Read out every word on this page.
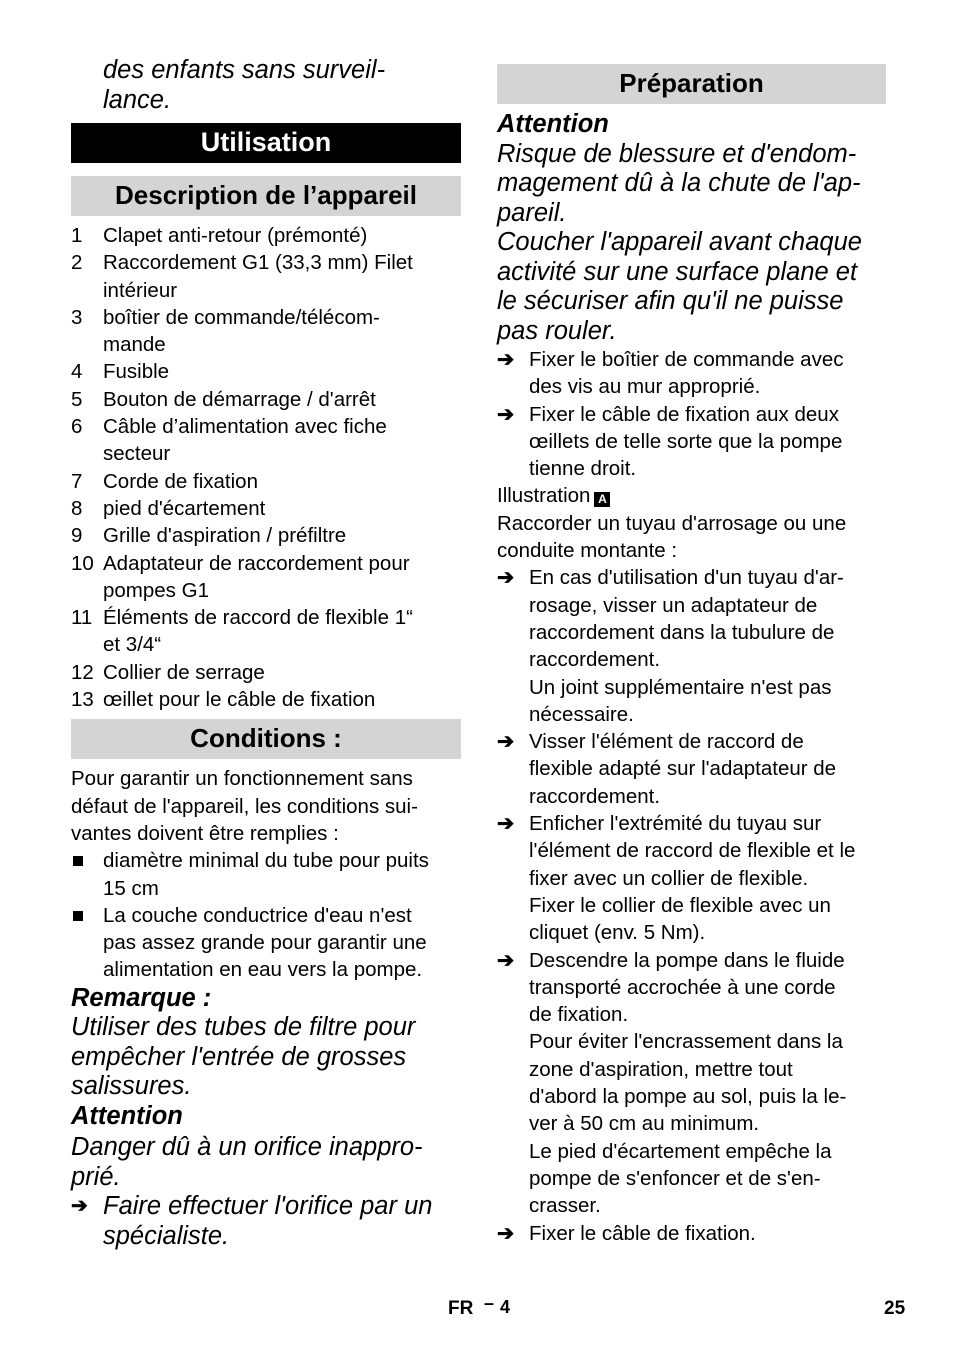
des enfants sans surveil-
lance.
Utilisation
Description de l’appareil
1	Clapet anti-retour (prémonté)
2	Raccordement G1 (33,3 mm) Filet
intérieur
3	boîtier de commande/télécom-
mande
4	Fusible
5	Bouton de démarrage / d'arrêt
6	Câble d’alimentation avec fiche
secteur
7	Corde de fixation
8	pied d'écartement
9	Grille d'aspiration / préfiltre
10 Adaptateur de raccordement pour
pompes G1
11 Éléments de raccord de flexible 1“
et 3/4“
12 Collier de serrage
13 œillet pour le câble de fixation
Conditions :
Pour garantir un fonctionnement sans
défaut de l'appareil, les conditions sui-
vantes doivent être remplies :
diamètre minimal du tube pour puits
15 cm
La couche conductrice d'eau n'est
pas assez grande pour garantir une
alimentation en eau vers la pompe.
Remarque :
Utiliser des tubes de filtre pour
empêcher l'entrée de grosses
salissures.
Attention
Danger dû à un orifice inappro-
prié.
➔ Faire effectuer l'orifice par un
spécialiste.
Préparation
Attention
Risque de blessure et d'endom-
magement dû à la chute de l'ap-
pareil.
Coucher l'appareil avant chaque
activité sur une surface plane et
le sécuriser afin qu'il ne puisse
pas rouler.
➔ Fixer le boîtier de commande avec
des vis au mur approprié.
➔ Fixer le câble de fixation aux deux
œillets de telle sorte que la pompe
tienne droit.
Illustration A
Raccorder un tuyau d'arrosage ou une
conduite montante :
➔ En cas d'utilisation d'un tuyau d'ar-
rosage, visser un adaptateur de
raccordement dans la tubulure de
raccordement.
Un joint supplémentaire n'est pas
nécessaire.
➔ Visser l'élément de raccord de
flexible adapté sur l'adaptateur de
raccordement.
➔ Enficher l'extrémité du tuyau sur
l'élément de raccord de flexible et le
fixer avec un collier de flexible.
Fixer le collier de flexible avec un
cliquet (env. 5 Nm).
➔ Descendre la pompe dans le fluide
transporté accrochée à une corde
de fixation.
Pour éviter l'encrassement dans la
zone d'aspiration, mettre tout
d'abord la pompe au sol, puis la le-
ver à 50 cm au minimum.
Le pied d'écartement empêche la
pompe de s'enfoncer et de s'en-
crasser.
➔ Fixer le câble de fixation.
FR – 4	25
